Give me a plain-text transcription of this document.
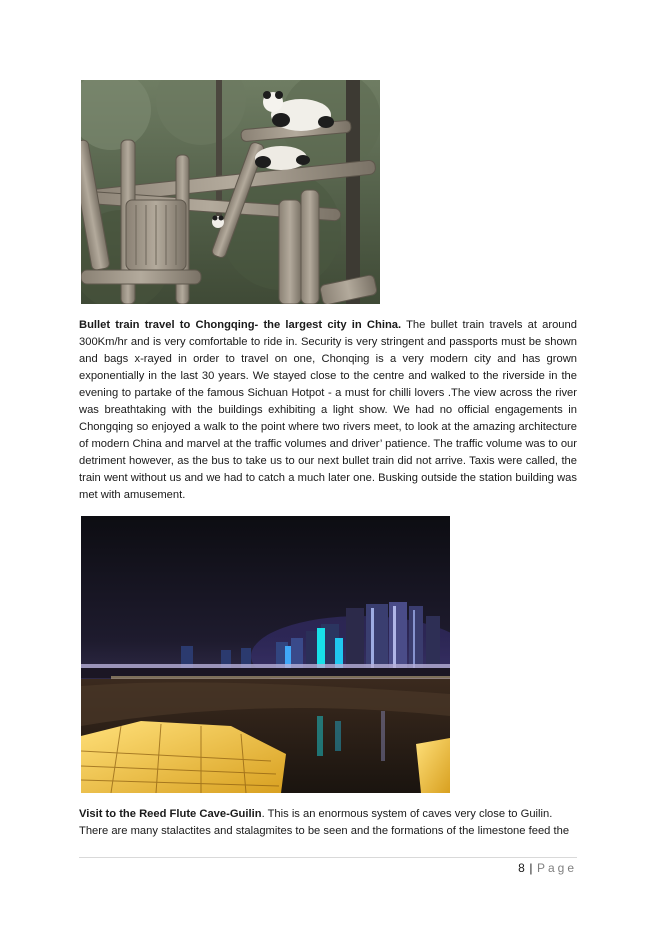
Bullet train travel to Chongqing- the largest city in China. The bullet train travels at around 300Km/hr and is very comfortable to ride in. Security is very stringent and passports must be shown and bags x-rayed in order to travel on one, Chonqing is a very modern city and has grown exponentially in the last 30 years. We stayed close to the centre and walked to the riverside in the evening to partake of the famous Sichuan Hotpot - a must for chilli lovers .The view across the river was breathtaking with the buildings exhibiting a light show. We had no official engagements in Chongqing so enjoyed a walk to the point where two rivers meet, to look at the amazing architecture of modern China and marvel at the traffic volumes and driver’ patience. The traffic volume was to our detriment however, as the bus to take us to our next bullet train did not arrive. Taxis were called, the train went without us and we had to catch a much later one. Busking outside the station building was met with amusement.

Visit to the Reed Flute Cave-Guilin. This is an enormous system of caves very close to Guilin. There are many stalactites and stalagmites to be seen and the formations of the limestone feed the

8 | Page
